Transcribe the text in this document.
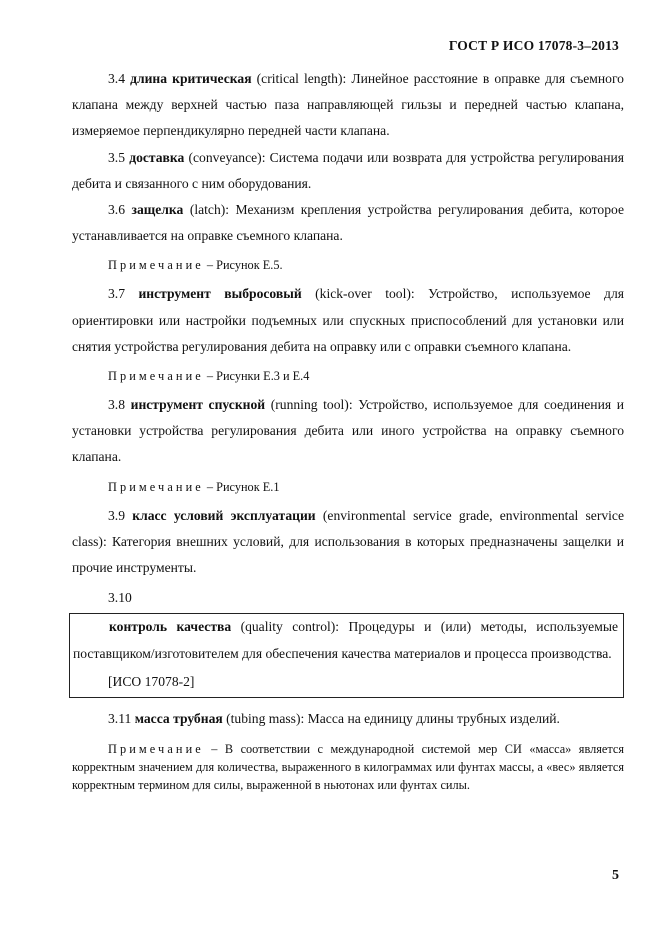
ГОСТ Р ИСО 17078-3–2013

3.4 длина критическая (critical length): Линейное расстояние в оправке для съемного клапана между верхней частью паза направляющей гильзы и передней частью клапана, измеряемое перпендикулярно передней части клапана.

3.5 доставка (conveyance): Система подачи или возврата для устройства регулирования дебита и связанного с ним оборудования.

3.6 защелка (latch): Механизм крепления устройства регулирования дебита, которое устанавливается на оправке съемного клапана.

Примечание – Рисунок Е.5.

3.7 инструмент выбросовый (kick-over tool): Устройство, используемое для ориентировки или настройки подъемных или спускных приспособлений для установки или снятия устройства регулирования дебита на оправку или с оправки съемного клапана.

Примечание – Рисунки Е.3 и Е.4

3.8 инструмент спускной (running tool): Устройство, используемое для соединения и установки устройства регулирования дебита или иного устройства на оправку съемного клапана.

Примечание – Рисунок Е.1

3.9 класс условий эксплуатации (environmental service grade, environmental service class): Категория внешних условий, для использования в которых предназначены защелки и прочие инструменты.

3.10

контроль качества (quality control): Процедуры и (или) методы, используемые поставщиком/изготовителем для обеспечения качества материалов и процесса производства.

[ИСО 17078-2]

3.11 масса трубная (tubing mass): Масса на единицу длины трубных изделий.

Примечание – В соответствии с международной системой мер СИ «масса» является корректным значением для количества, выраженного в килограммах или фунтах массы, а «вес» является корректным термином для силы, выраженной в ньютонах или фунтах силы.

5
